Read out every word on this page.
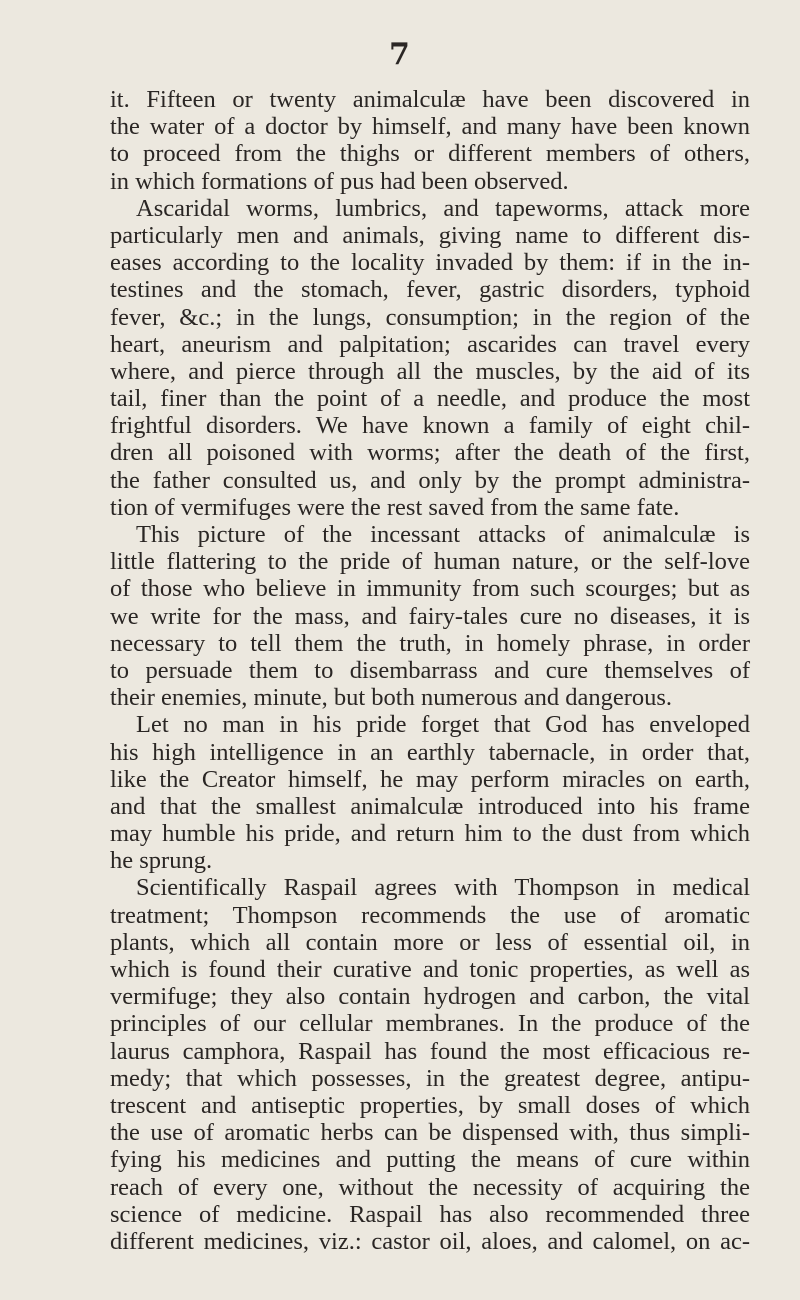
7
it. Fifteen or twenty animalculæ have been discovered in
the water of a doctor by himself, and many have been known
to proceed from the thighs or different members of others,
in which formations of pus had been observed.
Ascaridal worms, lumbrics, and tapeworms, attack more
particularly men and animals, giving name to different dis-
eases according to the locality invaded by them: if in the in-
testines and the stomach, fever, gastric disorders, typhoid
fever, &c.; in the lungs, consumption; in the region of the
heart, aneurism and palpitation; ascarides can travel every
where, and pierce through all the muscles, by the aid of its
tail, finer than the point of a needle, and produce the most
frightful disorders. We have known a family of eight chil-
dren all poisoned with worms; after the death of the first,
the father consulted us, and only by the prompt administra-
tion of vermifuges were the rest saved from the same fate.
This picture of the incessant attacks of animalculæ is
little flattering to the pride of human nature, or the self-love
of those who believe in immunity from such scourges; but as
we write for the mass, and fairy-tales cure no diseases, it is
necessary to tell them the truth, in homely phrase, in order
to persuade them to disembarrass and cure themselves of
their enemies, minute, but both numerous and dangerous.
Let no man in his pride forget that God has enveloped
his high intelligence in an earthly tabernacle, in order that,
like the Creator himself, he may perform miracles on earth,
and that the smallest animalculæ introduced into his frame
may humble his pride, and return him to the dust from which
he sprung.
Scientifically Raspail agrees with Thompson in medical
treatment; Thompson recommends the use of aromatic
plants, which all contain more or less of essential oil, in
which is found their curative and tonic properties, as well as
vermifuge; they also contain hydrogen and carbon, the vital
principles of our cellular membranes. In the produce of the
laurus camphora, Raspail has found the most efficacious re-
medy; that which possesses, in the greatest degree, antipu-
trescent and antiseptic properties, by small doses of which
the use of aromatic herbs can be dispensed with, thus simpli-
fying his medicines and putting the means of cure within
reach of every one, without the necessity of acquiring the
science of medicine. Raspail has also recommended three
different medicines, viz.: castor oil, aloes, and calomel, on ac-
